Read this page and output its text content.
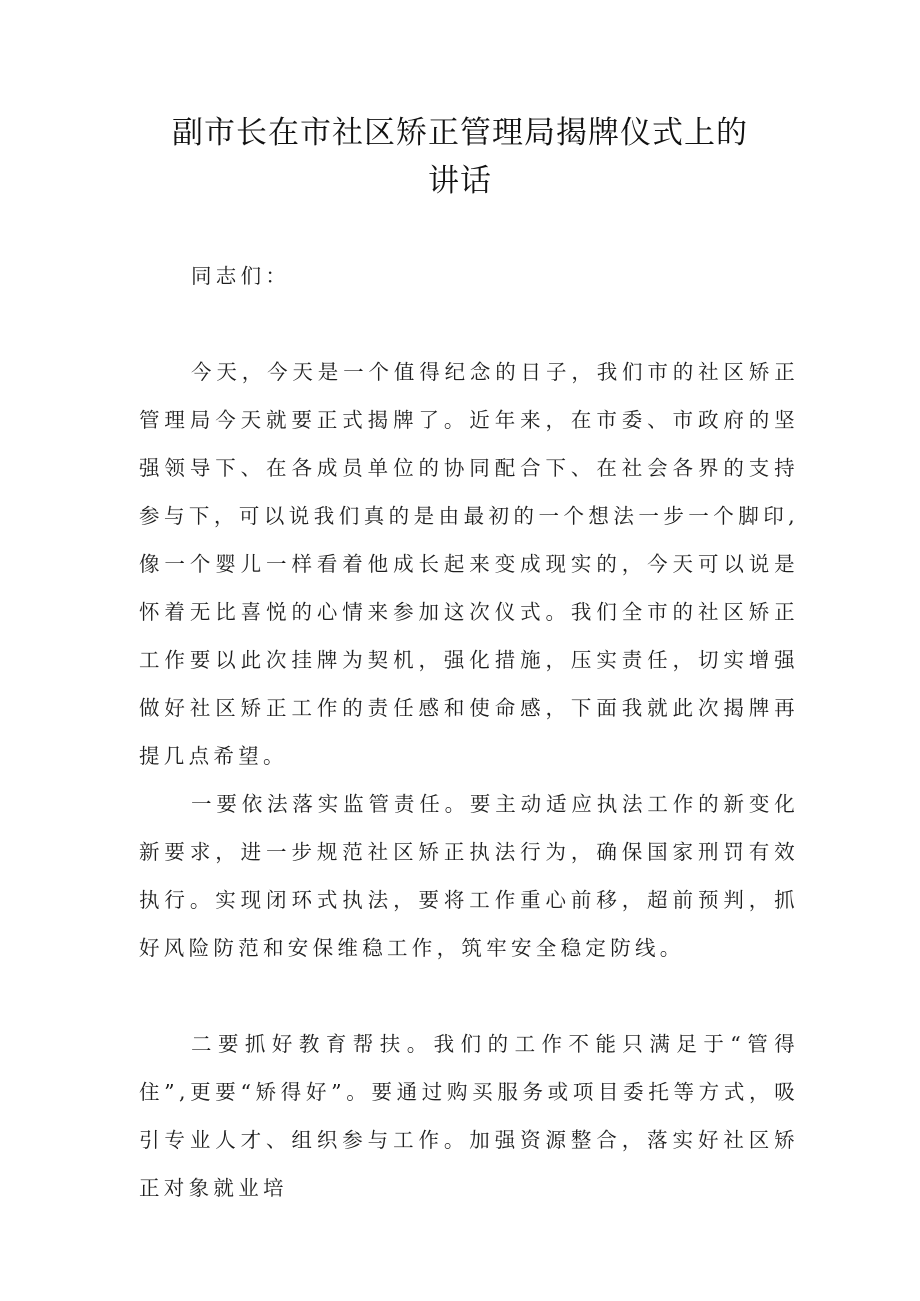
副市长在市社区矫正管理局揭牌仪式上的
讲话
同志们：
今天，今天是一个值得纪念的日子，我们市的社区矫正管理局今天就要正式揭牌了。近年来，在市委、市政府的坚强领导下、在各成员单位的协同配合下、在社会各界的支持参与下，可以说我们真的是由最初的一个想法一步一个脚印,像一个婴儿一样看着他成长起来变成现实的，今天可以说是怀着无比喜悦的心情来参加这次仪式。我们全市的社区矫正工作要以此次挂牌为契机，强化措施，压实责任，切实增强做好社区矫正工作的责任感和使命感，下面我就此次揭牌再提几点希望。
一要依法落实监管责任。要主动适应执法工作的新变化新要求，进一步规范社区矫正执法行为，确保国家刑罚有效执行。实现闭环式执法，要将工作重心前移，超前预判，抓好风险防范和安保维稳工作，筑牢安全稳定防线。
二要抓好教育帮扶。我们的工作不能只满足于“管得住”,更要“矫得好”。要通过购买服务或项目委托等方式，吸引专业人才、组织参与工作。加强资源整合，落实好社区矫正对象就业培
